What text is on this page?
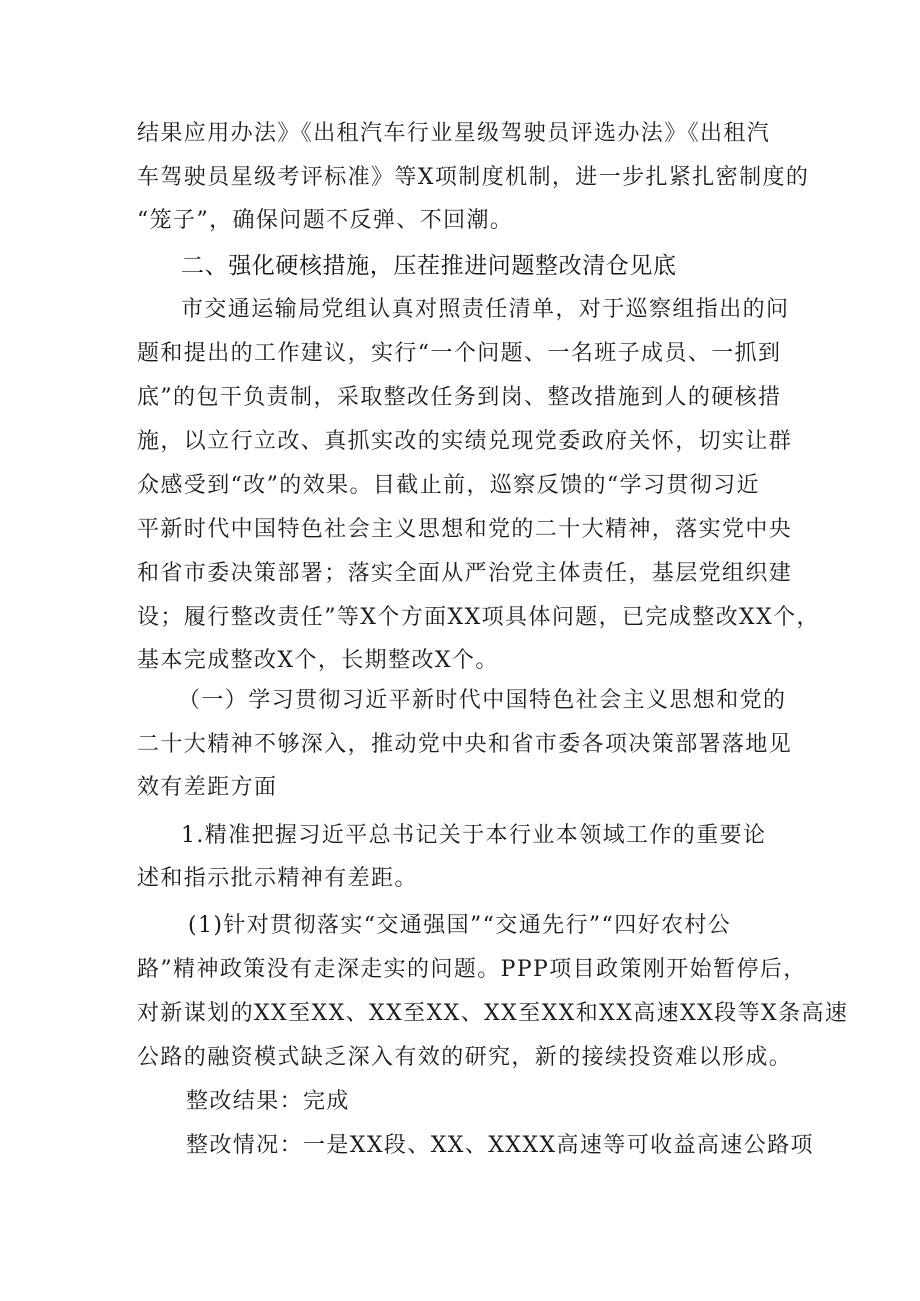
结果应用办法》《出租汽车行业星级驾驶员评选办法》《出租汽
车驾驶员星级考评标准》等X项制度机制，进一步扎紧扎密制度的
“笼子”，确保问题不反弹、不回潮。
二、强化硬核措施，压茬推进问题整改清仓见底
市交通运输局党组认真对照责任清单，对于巡察组指出的问
题和提出的工作建议，实行“一个问题、一名班子成员、一抓到
底”的包干负责制，采取整改任务到岗、整改措施到人的硬核措
施，以立行立改、真抓实改的实绩兑现党委政府关怀，切实让群
众感受到“改”的效果。目截止前，巡察反馈的“学习贯彻习近
平新时代中国特色社会主义思想和党的二十大精神，落实党中央
和省市委决策部署；落实全面从严治党主体责任，基层党组织建
设；履行整改责任”等X个方面XX项具体问题，已完成整改XX个，
基本完成整改X个，长期整改X个。
（一）学习贯彻习近平新时代中国特色社会主义思想和党的
二十大精神不够深入，推动党中央和省市委各项决策部署落地见
效有差距方面
1.精准把握习近平总书记关于本行业本领域工作的重要论
述和指示批示精神有差距。
(1)针对贯彻落实“交通强国”“交通先行”“四好农村公
路”精神政策没有走深走实的问题。PPP项目政策刚开始暂停后，
对新谋划的XX至XX、XX至XX、XX至XX和XX高速XX段等X条高速
公路的融资模式缺乏深入有效的研究，新的接续投资难以形成。
整改结果：完成
整改情况：一是XX段、XX、XXXX高速等可收益高速公路项
